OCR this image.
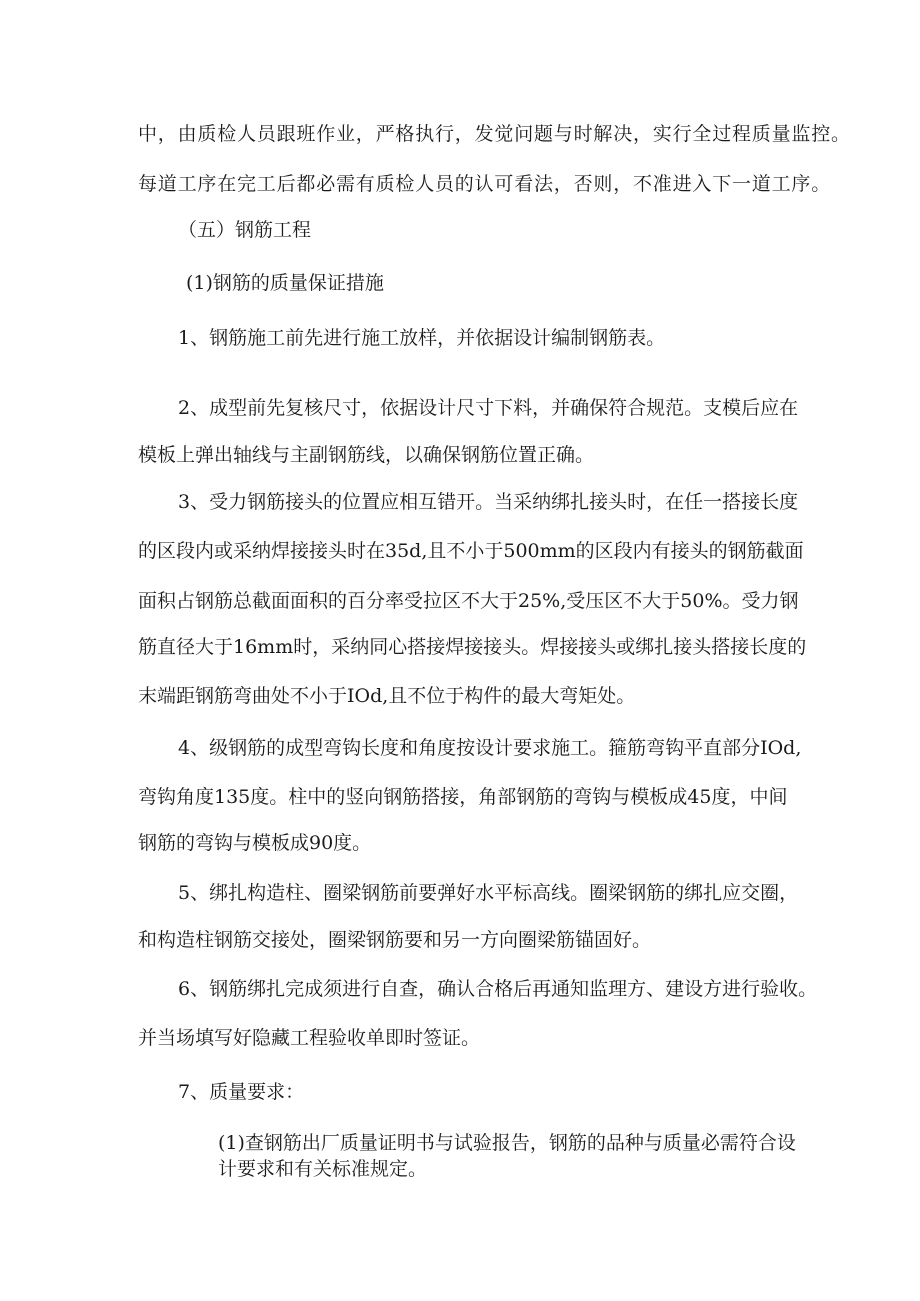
中，由质检人员跟班作业，严格执行，发觉问题与时解决，实行全过程质量监控。

每道工序在完工后都必需有质检人员的认可看法，否则，不准进入下一道工序。

（五）钢筋工程

(1)钢筋的质量保证措施

1、钢筋施工前先进行施工放样，并依据设计编制钢筋表。

2、成型前先复核尺寸，依据设计尺寸下料，并确保符合规范。支模后应在

模板上弹出轴线与主副钢筋线，以确保钢筋位置正确。

3、受力钢筋接头的位置应相互错开。当采纳绑扎接头时，在任一搭接长度

的区段内或采纳焊接接头时在35d,且不小于500mm的区段内有接头的钢筋截面

面积占钢筋总截面面积的百分率受拉区不大于25%,受压区不大于50%。受力钢

筋直径大于16mm时，采纳同心搭接焊接接头。焊接接头或绑扎接头搭接长度的

末端距钢筋弯曲处不小于IOd,且不位于构件的最大弯矩处。

4、级钢筋的成型弯钩长度和角度按设计要求施工。箍筋弯钩平直部分IOd,

弯钩角度135度。柱中的竖向钢筋搭接，角部钢筋的弯钩与模板成45度，中间

钢筋的弯钩与模板成90度。

5、绑扎构造柱、圈梁钢筋前要弹好水平标高线。圈梁钢筋的绑扎应交圈，

和构造柱钢筋交接处，圈梁钢筋要和另一方向圈梁筋锚固好。

6、钢筋绑扎完成须进行自查，确认合格后再通知监理方、建设方进行验收。

并当场填写好隐藏工程验收单即时签证。

7、质量要求：

(1)查钢筋出厂质量证明书与试验报告，钢筋的品种与质量必需符合设

计要求和有关标准规定。
